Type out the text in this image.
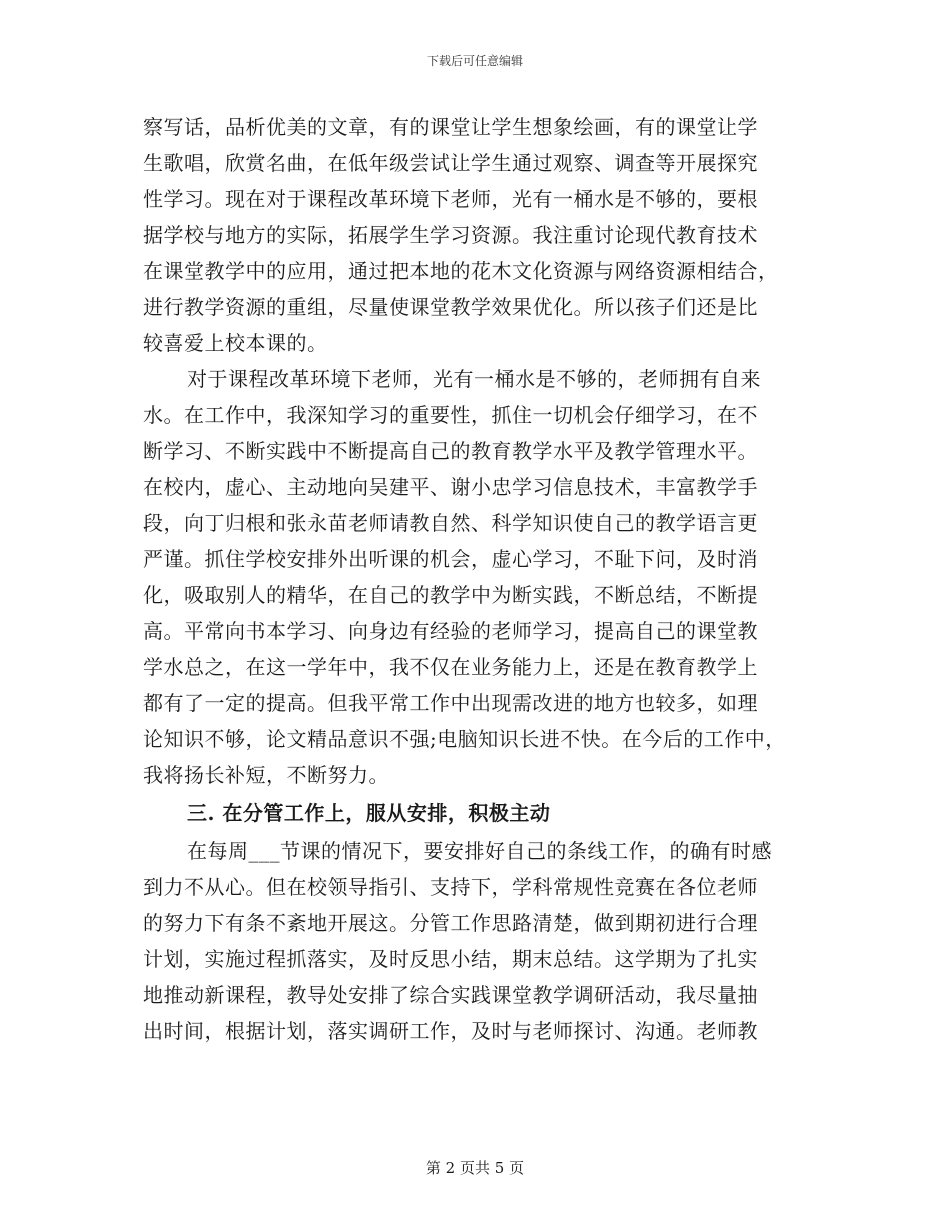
下载后可任意编辑
察写话，品析优美的文章，有的课堂让学生想象绘画，有的课堂让学
生歌唱，欣赏名曲，在低年级尝试让学生通过观察、调查等开展探究
性学习。现在对于课程改革环境下老师，光有一桶水是不够的，要根
据学校与地方的实际，拓展学生学习资源。我注重讨论现代教育技术
在课堂教学中的应用，通过把本地的花木文化资源与网络资源相结合，
进行教学资源的重组，尽量使课堂教学效果优化。所以孩子们还是比
较喜爱上校本课的。
对于课程改革环境下老师，光有一桶水是不够的，老师拥有自来
水。在工作中，我深知学习的重要性，抓住一切机会仔细学习，在不
断学习、不断实践中不断提高自己的教育教学水平及教学管理水平。
在校内，虚心、主动地向吴建平、谢小忠学习信息技术，丰富教学手
段，向丁归根和张永苗老师请教自然、科学知识使自己的教学语言更
严谨。抓住学校安排外出听课的机会，虚心学习，不耻下问，及时消
化，吸取别人的精华，在自己的教学中为断实践，不断总结，不断提
高。平常向书本学习、向身边有经验的老师学习，提高自己的课堂教
学水总之，在这一学年中，我不仅在业务能力上，还是在教育教学上
都有了一定的提高。但我平常工作中出现需改进的地方也较多，如理
论知识不够，论文精品意识不强;电脑知识长进不快。在今后的工作中，
我将扬长补短，不断努力。
三. 在分管工作上，服从安排，积极主动
在每周___节课的情况下，要安排好自己的条线工作，的确有时感
到力不从心。但在校领导指引、支持下，学科常规性竞赛在各位老师
的努力下有条不紊地开展这。分管工作思路清楚，做到期初进行合理
计划，实施过程抓落实，及时反思小结，期末总结。这学期为了扎实
地推动新课程，教导处安排了综合实践课堂教学调研活动，我尽量抽
出时间，根据计划，落实调研工作，及时与老师探讨、沟通。老师教
第 2 页共 5 页
